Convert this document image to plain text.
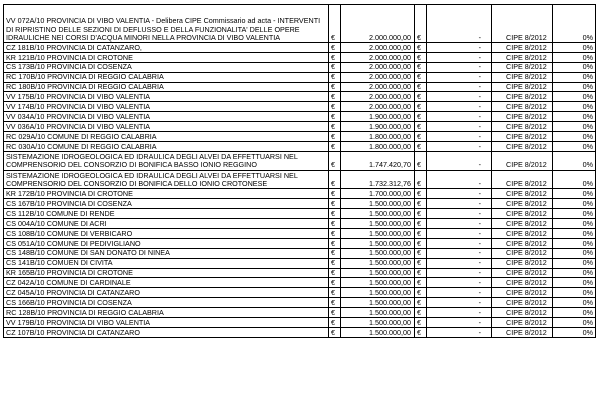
VV 072A/10 PROVINCIA DI VIBO VALENTIA - Delibera CIPE Commissario ad acta - INTERVENTI DI RIPRISTINO DELLE SEZIONI DI DEFLUSSO E DELLA FUNZIONALITA' DELLE OPERE IDRAULICHE NEI CORSI D'ACQUA MINORI NELLA PROVINCIA DI VIBO VALENTIA	€	2.000.000,00	€	-	CIPE 8/2012	0%
CZ 181B/10 PROVINCIA DI CATANZARO,	€	2.000.000,00	€	-	CIPE 8/2012	0%
KR 121B/10 PROVINCIA DI CROTONE	€	2.000.000,00	€	-	CIPE 8/2012	0%
CS 173B/10 PROVINCIA DI COSENZA	€	2.000.000,00	€	-	CIPE 8/2012	0%
RC 170B/10 PROVINCIA DI REGGIO CALABRIA	€	2.000.000,00	€	-	CIPE 8/2012	0%
RC 180B/10 PROVINCIA DI REGGIO CALABRIA	€	2.000.000,00	€	-	CIPE 8/2012	0%
VV 175B/10 PROVINCIA DI VIBO VALENTIA	€	2.000.000,00	€	-	CIPE 8/2012	0%
VV 174B/10 PROVINCIA DI VIBO VALENTIA	€	2.000.000,00	€	-	CIPE 8/2012	0%
VV 034A/10 PROVINCIA DI VIBO VALENTIA	€	1.900.000,00	€	-	CIPE 8/2012	0%
VV 036A/10 PROVINCIA DI VIBO VALENTIA	€	1.900.000,00	€	-	CIPE 8/2012	0%
RC 029A/10 COMUNE DI REGGIO CALABRIA	€	1.800.000,00	€	-	CIPE 8/2012	0%
RC 030A/10 COMUNE DI REGGIO CALABRIA	€	1.800.000,00	€	-	CIPE 8/2012	0%
SISTEMAZIONE IDROGEOLOGICA ED IDRAULICA DEGLI ALVEI DA EFFETTUARSI NEL COMPRENSORIO DEL CONSORZIO DI BONIFICA BASSO IONIO REGGINO	€	1.747.420,70	€	-	CIPE 8/2012	0%
SISTEMAZIONE IDROGEOLOGICA ED IDRAULICA DEGLI ALVEI DA EFFETTUARSI NEL COMPRENSORIO DEL CONSORZIO DI BONIFICA DELLO IONIO CROTONESE	€	1.732.312,76	€	-	CIPE 8/2012	0%
KR 172B/10 PROVINCIA DI CROTONE	€	1.700.000,00	€	-	CIPE 8/2012	0%
CS 167B/10 PROVINCIA DI COSENZA	€	1.500.000,00	€	-	CIPE 8/2012	0%
CS 112B/10 COMUNE DI RENDE	€	1.500.000,00	€	-	CIPE 8/2012	0%
CS 004A/10 COMUNE DI ACRI	€	1.500.000,00	€	-	CIPE 8/2012	0%
CS 108B/10 COMUNE DI VERBICARO	€	1.500.000,00	€	-	CIPE 8/2012	0%
CS 051A/10 COMUNE DI PEDIVIGLIANO	€	1.500.000,00	€	-	CIPE 8/2012	0%
CS 148B/10 COMUNE DI SAN DONATO DI NINEA	€	1.500.000,00	€	-	CIPE 8/2012	0%
CS 141B/10 COMUEN DI CIVITA	€	1.500.000,00	€	-	CIPE 8/2012	0%
KR 165B/10 PROVINCIA DI CROTONE	€	1.500.000,00	€	-	CIPE 8/2012	0%
CZ 042A/10 COMUNE DI CARDINALE	€	1.500.000,00	€	-	CIPE 8/2012	0%
CZ 045A/10 PROVINCIA DI CATANZARO	€	1.500.000,00	€	-	CIPE 8/2012	0%
CS 166B/10 PROVINCIA DI COSENZA	€	1.500.000,00	€	-	CIPE 8/2012	0%
RC 128B/10 PROVINCIA DI REGGIO CALABRIA	€	1.500.000,00	€	-	CIPE 8/2012	0%
VV 179B/10 PROVINCIA DI VIBO VALENTIA	€	1.500.000,00	€	-	CIPE 8/2012	0%
CZ 107B/10 PROVINCIA DI CATANZARO	€	1.500.000,00	€	-	CIPE 8/2012	0%
